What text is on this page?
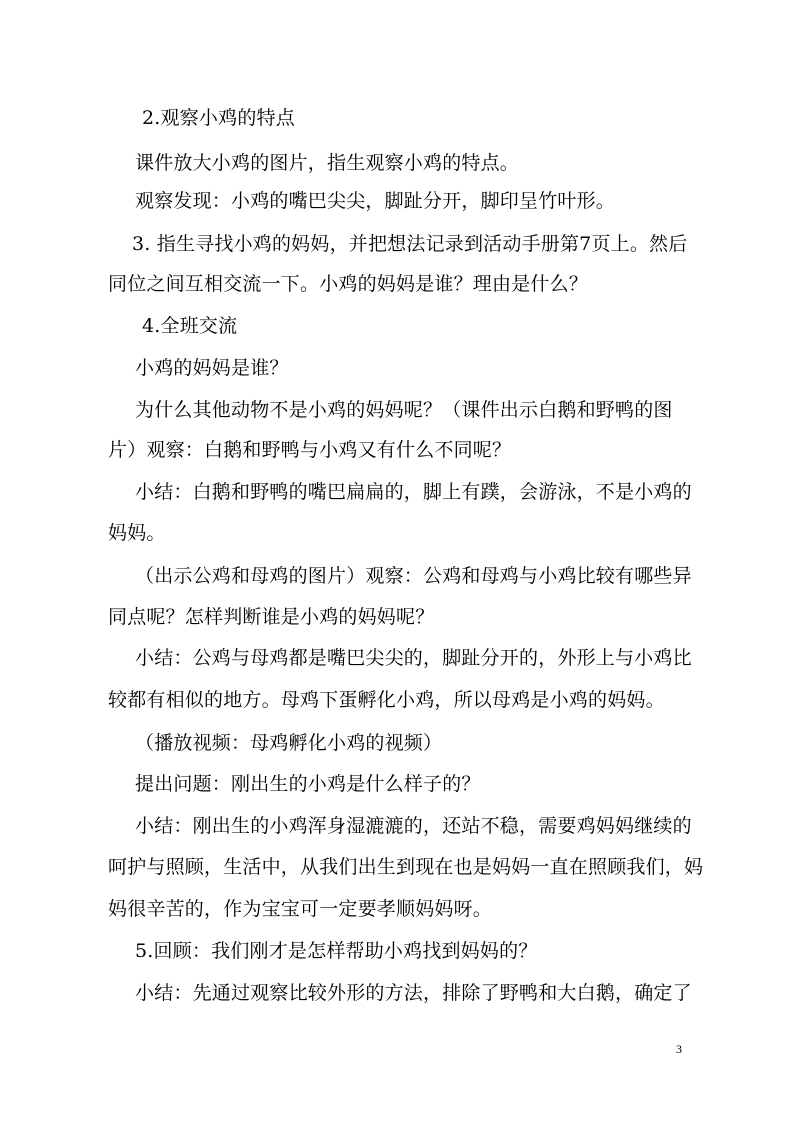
2.观察小鸡的特点
课件放大小鸡的图片，指生观察小鸡的特点。
观察发现：小鸡的嘴巴尖尖，脚趾分开，脚印呈竹叶形。
3. 指生寻找小鸡的妈妈，并把想法记录到活动手册第7页上。然后
同位之间互相交流一下。小鸡的妈妈是谁？理由是什么？
4.全班交流
小鸡的妈妈是谁？
为什么其他动物不是小鸡的妈妈呢？（课件出示白鹅和野鸭的图
片）观察：白鹅和野鸭与小鸡又有什么不同呢？
小结：白鹅和野鸭的嘴巴扁扁的，脚上有蹼，会游泳，不是小鸡的
妈妈。
（出示公鸡和母鸡的图片）观察：公鸡和母鸡与小鸡比较有哪些异
同点呢？怎样判断谁是小鸡的妈妈呢？
小结：公鸡与母鸡都是嘴巴尖尖的，脚趾分开的，外形上与小鸡比
较都有相似的地方。母鸡下蛋孵化小鸡，所以母鸡是小鸡的妈妈。
（播放视频：母鸡孵化小鸡的视频）
提出问题：刚出生的小鸡是什么样子的？
小结：刚出生的小鸡浑身湿漉漉的，还站不稳，需要鸡妈妈继续的
呵护与照顾，生活中，从我们出生到现在也是妈妈一直在照顾我们，妈
妈很辛苦的，作为宝宝可一定要孝顺妈妈呀。
5.回顾：我们刚才是怎样帮助小鸡找到妈妈的？
小结：先通过观察比较外形的方法，排除了野鸭和大白鹅，确定了
3
